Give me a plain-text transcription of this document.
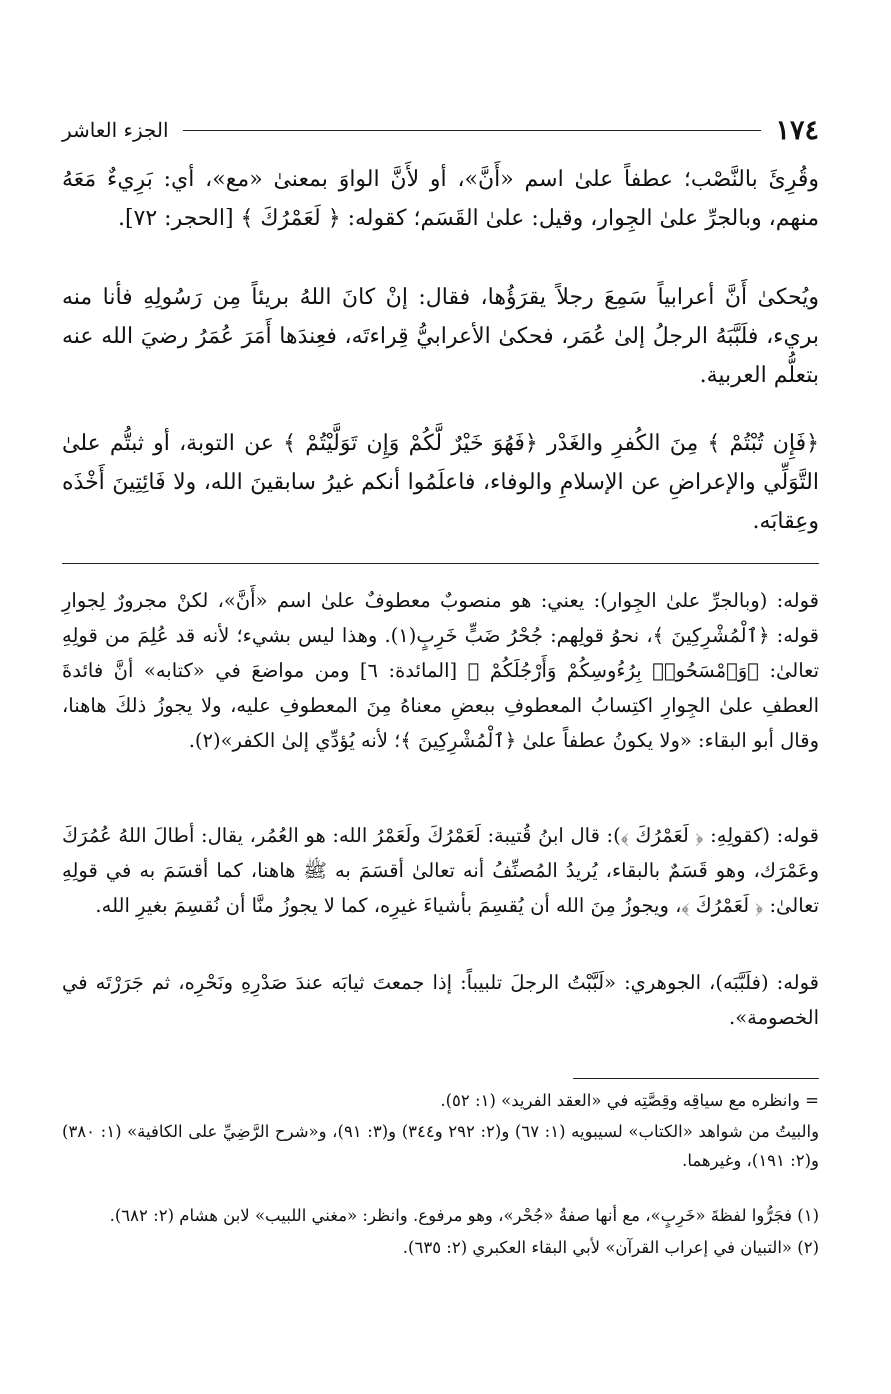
١٧٤
الجزء العاشر

وقُرِئَ بالنَّصْب؛ عطفاً علىٰ اسم «أَنَّ»، أو لأَنَّ الواوَ بمعنىٰ «مع»، أي: بَرِيءٌ مَعَهُ منهم، وبالجرِّ علىٰ الجِوار، وقيل: علىٰ القَسَم؛ كقوله: ﴿ لَعَمْرُكَ ﴾ [الحجر: ٧٢].

ويُحكىٰ أَنَّ أعرابياً سَمِعَ رجلاً يقرَؤُها، فقال: إنْ كانَ اللهُ بريئاً مِن رَسُولِهِ فأنا منه بريء، فلَبَّبَهُ الرجلُ إلىٰ عُمَر، فحكىٰ الأعرابيُّ قِراءتَه، فعِندَها أَمَرَ عُمَرُ رضيَ الله عنه بتعلُّم العربية.

﴿فَإِن تُبْتُمْ ﴾ مِنَ الكُفرِ والغَدْر ﴿فَهُوَ خَيْرٌ لَّكُمْ وَإِن تَوَلَّيْتُمْ ﴾ عن التوبة، أو ثبتُّم علىٰ التَّوَلِّي والإعراضِ عن الإسلامِ والوفاء، فاعلَمُوا أنكم غيرُ سابقينَ الله، ولا فَائِتِينَ أَخْذَه وعِقابَه.

قوله: (وبالجرِّ علىٰ الجِوار): يعني: هو منصوبٌ معطوفٌ علىٰ اسم «أَنَّ»، لكنْ مجرورٌ لِجوارِ قوله: ﴿ٱلْمُشْرِكِينَ ﴾، نحوُ قولِهم: جُحْرُ ضَبٍّ خَرِبٍ(١). وهذا ليس بشيء؛ لأنه قد عُلِمَ من قولِهِ تعالىٰ: ﴿وَٱمْسَحُوا۟ بِرُءُوسِكُمْ وَأَرْجُلَكُمْ ﴾ [المائدة: ٦] ومن مواضعَ في «كتابه» أنَّ فائدةَ العطفِ علىٰ الجِوارِ اكتِسابُ المعطوفِ ببعضِ معناهُ مِنَ المعطوفِ عليه، ولا يجوزُ ذلكَ هاهنا، وقال أبو البقاء: «ولا يكونُ عطفاً علىٰ ﴿ٱلْمُشْرِكِينَ ﴾؛ لأنه يُؤدِّي إلىٰ الكفر»(٢).

قوله: (كقولِهِ: ﴿ لَعَمْرُكَ ﴾): قال ابنُ قُتيبة: لَعَمْرُكَ ولَعَمْرُ الله: هو العُمُر، يقال: أطالَ اللهُ عُمُرَكَ وعَمْرَك، وهو قَسَمٌ بالبقاء، يُريدُ المُصنِّفُ أنه تعالىٰ أقسَمَ به ﷺ هاهنا، كما أقسَمَ به في قولِهِ تعالىٰ: ﴿ لَعَمْرُكَ ﴾، ويجوزُ مِنَ الله أن يُقسِمَ بأشياءَ غيرِه، كما لا يجوزُ منَّا أن نُقسِمَ بغيرِ الله.

قوله: (فلَبَّبَه)، الجوهري: «لَبَّبْتُ الرجلَ تلبيباً: إذا جمعتَ ثيابَه عندَ صَدْرِهِ ونَحْرِه، ثم جَرَرْتَه في الخصومة».

= وانظره مع سياقِه وقِصَّتِه في «العقد الفريد» (١: ٥٢).

والبيتُ من شواهد «الكتاب» لسيبويه (١: ٦٧) و(٢: ٢٩٢ و٣٤٤) و(٣: ٩١)، و«شرح الرَّضِيِّ على الكافية» (١: ٣٨٠) و(٢: ١٩١)، وغيرهما.

(١) فجَرُّوا لفظةَ «خَرِبٍ»، مع أنها صفةُ «جُحْر»، وهو مرفوع. وانظر: «مغني اللبيب» لابن هشام (٢: ٦٨٢).

(٢) «التبيان في إعراب القرآن» لأبي البقاء العكبري (٢: ٦٣٥).
